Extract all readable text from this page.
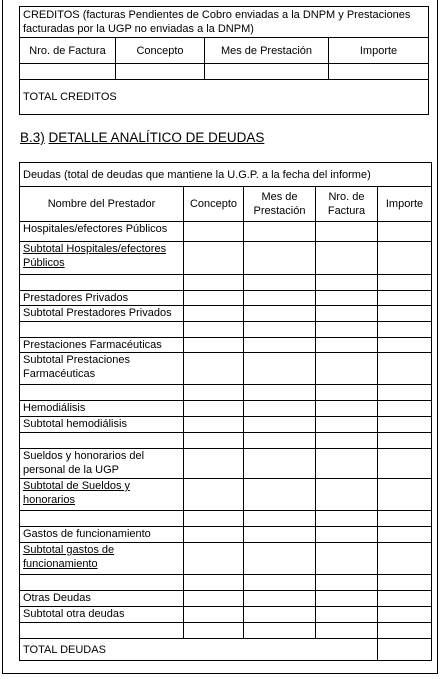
CREDITOS (facturas Pendientes de Cobro enviadas a la DNPM y Prestaciones facturadas por la UGP no enviadas a la DNPM)			
Nro. de Factura	Concepto	Mes de Prestación	Importe

TOTAL CREDITOS			
B.3) DETALLE ANALÍTICO DE DEUDAS
Deudas (total de deudas que mantiene la U.G.P. a la fecha del informe)				
Nombre del Prestador	Concepto	Mes de Prestación	Nro. de Factura	Importe
Hospitales/efectores Públicos				
Subtotal Hospitales/efectores Públicos				

Prestadores Privados				
Subtotal Prestadores Privados				

Prestaciones Farmacéuticas				
Subtotal Prestaciones Farmacéuticas				

Hemodiálisis				
Subtotal hemodiálisis				

Sueldos y honorarios del personal de la UGP				
Subtotal de Sueldos y honorarios				

Gastos de funcionamiento				
Subtotal gastos de funcionamiento				

Otras Deudas				
Subtotal otra deudas				

TOTAL DEUDAS				
